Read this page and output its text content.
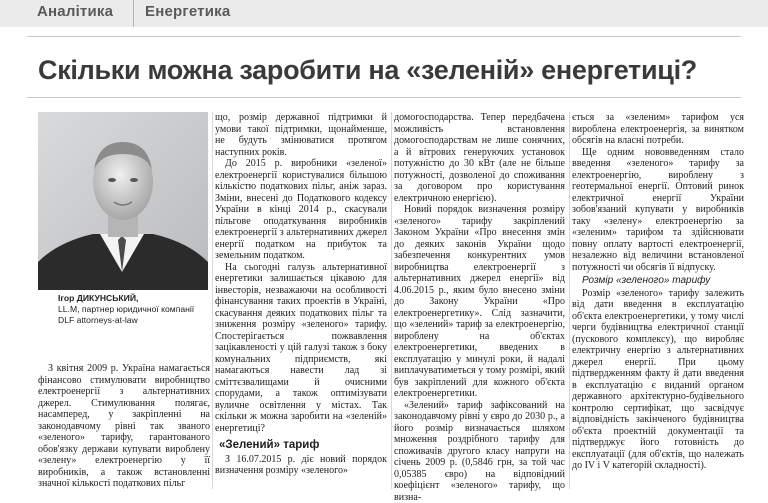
Аналітика Енергетика
Скільки можна заробити на «зеленій» енергетиці?
Ігор ДИКУНСЬКИЙ,
LL.M, партнер юридичної компанії
DLF attorneys-at-law

З квітня 2009 р. Україна намагається фінансово стимулювати виробництво електроенергії з альтернативних джерел. Стимулювання полягає, насамперед, у закріпленні на законодавчому рівні так званого «зеленого» тарифу, гарантованого обов'язку держави купувати вироблену «зелену» електроенергію у її виробників, а також встановленні значної кількості податкових пільг

що, розмір державної підтримки й умови такої підтримки, щонайменше, не будуть змінюватися протягом наступних років.

До 2015 р. виробники «зеленої» електроенергії користувалися більшою кількістю податкових пільг, аніж зараз. Зміни, внесені до Податкового кодексу України в кінці 2014 р., скасували пільгове оподаткування виробників електроенергії з альтернативних джерел енергії податком на прибуток та земельним податком.

На сьогодні галузь альтернативної енергетики залишається цікавою для інвесторів, незважаючи на особливості фінансування таких проектів в Україні, скасування деяких податкових пільг та зниження розміру «зеленого» тарифу. Спостерігається пожвавлення зацікавленості у цій галузі також з боку комунальних підприємств, які намагаються навести лад зі сміттєзвалищами й очисними спорудами, а також оптимізувати вуличне освітлення у містах. Так скільки ж можна заробити на «зеленій» енергетиці?

«Зелений» тариф

З 16.07.2015 р. діє новий порядок визначення розміру «зеленого»

домогосподарства. Тепер передбачена можливість встановлення домогосподарствам не лише сонячних, а й вітрових генеруючих установок потужністю до 30 кВт (але не більше потужності, дозволеної до споживання за договором про користування електричною енергією).

Новий порядок визначення розміру «зеленого» тарифу закріплений Законом України «Про внесення змін до деяких законів України щодо забезпечення конкурентних умов виробництва електроенергії з альтернативних джерел енергії» від 4.06.2015 р., яким було внесено зміни до Закону України «Про електроенергетику». Слід зазначити, що «зелений» тариф за електроенергію, вироблену на об'єктах електроенергетики, введених в експлуатацію у минулі роки, й надалі виплачуватиметься у тому розмірі, який був закріплений для кожного об'єкта електроенергетики.

«Зелений» тариф зафіксований на законодавчому рівні у євро до 2030 р., а його розмір визначається шляхом множення роздрібного тарифу для споживачів другого класу напруги на січень 2009 р. (0,5846 грн, за той час 0,05385 євро) на відповідний коефіцієнт «зеленого» тарифу, що визна-

ється за «зеленим» тарифом уся вироблена електроенергія, за винятком обсягів на власні потреби.

Ще одним нововведенням стало введення «зеленого» тарифу за електроенергію, вироблену з геотермальної енергії. Оптовий ринок електричної енергії України зобов'язаний купувати у виробників таку «зелену» електроенергію за «зеленим» тарифом та здійснювати повну оплату вартості електроенергії, незалежно від величини встановленої потужності чи обсягів її відпуску.

Розмір «зеленого» тарифу

Розмір «зеленого» тарифу залежить від дати введення в експлуатацію об'єкта електроенергетики, у тому числі черги будівництва електричної станції (пускового комплексу), що виробляє електричну енергію з альтернативних джерел енергії. При цьому підтвердженням факту й дати введення в експлуатацію є виданий органом державного архітектурно-будівельного контролю сертифікат, що засвідчує відповідність закінченого будівництва об'єкта проектній документації та підтверджує його готовність до експлуатації (для об'єктів, що належать до IV і V категорій складності).
